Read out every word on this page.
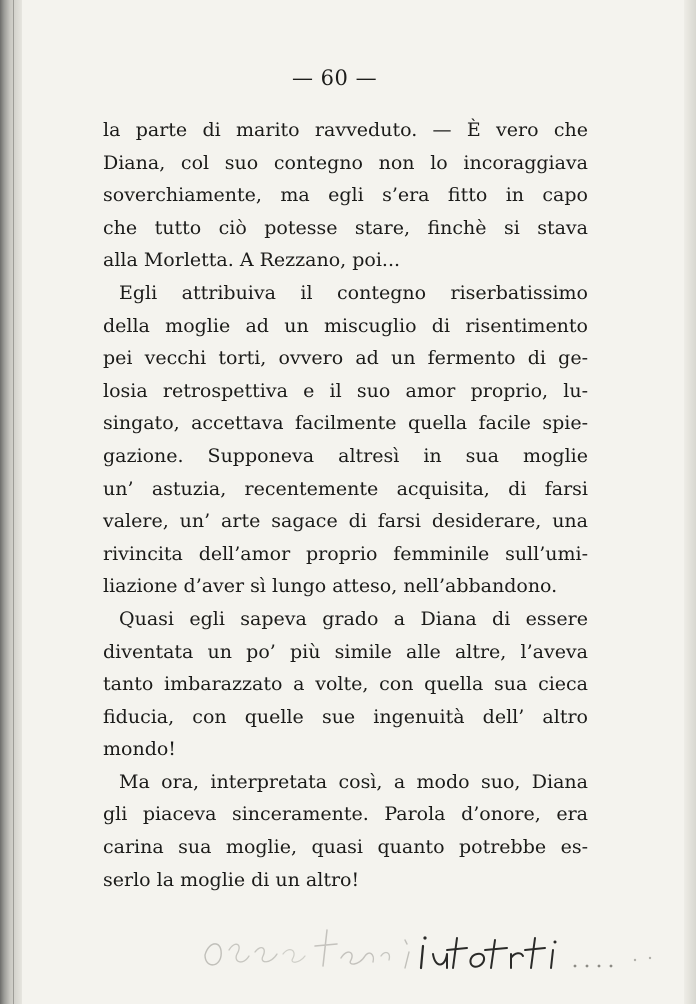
— 60 —
la parte di marito ravveduto. — È vero che
Diana, col suo contegno non lo incoraggiava
soverchiamente, ma egli s’era fitto in capo
che tutto ciò potesse stare, finchè si stava
alla Morletta. A Rezzano, poi...
Egli attribuiva il contegno riserbatissimo
della moglie ad un miscuglio di risentimento
pei vecchi torti, ovvero ad un fermento di ge-
losia retrospettiva e il suo amor proprio, lu-
singato, accettava facilmente quella facile spie-
gazione. Supponeva altresì in sua moglie
un’ astuzia, recentemente acquisita, di farsi
valere, un’ arte sagace di farsi desiderare, una
rivincita dell’amor proprio femminile sull’umi-
liazione d’aver sì lungo atteso, nell’abbandono.
Quasi egli sapeva grado a Diana di essere
diventata un po’ più simile alle altre, l’aveva
tanto imbarazzato a volte, con quella sua cieca
fiducia, con quelle sue ingenuità dell’ altro
mondo!
Ma ora, interpretata così, a modo suo, Diana
gli piaceva sinceramente. Parola d’onore, era
carina sua moglie, quasi quanto potrebbe es-
serlo la moglie di un altro!
